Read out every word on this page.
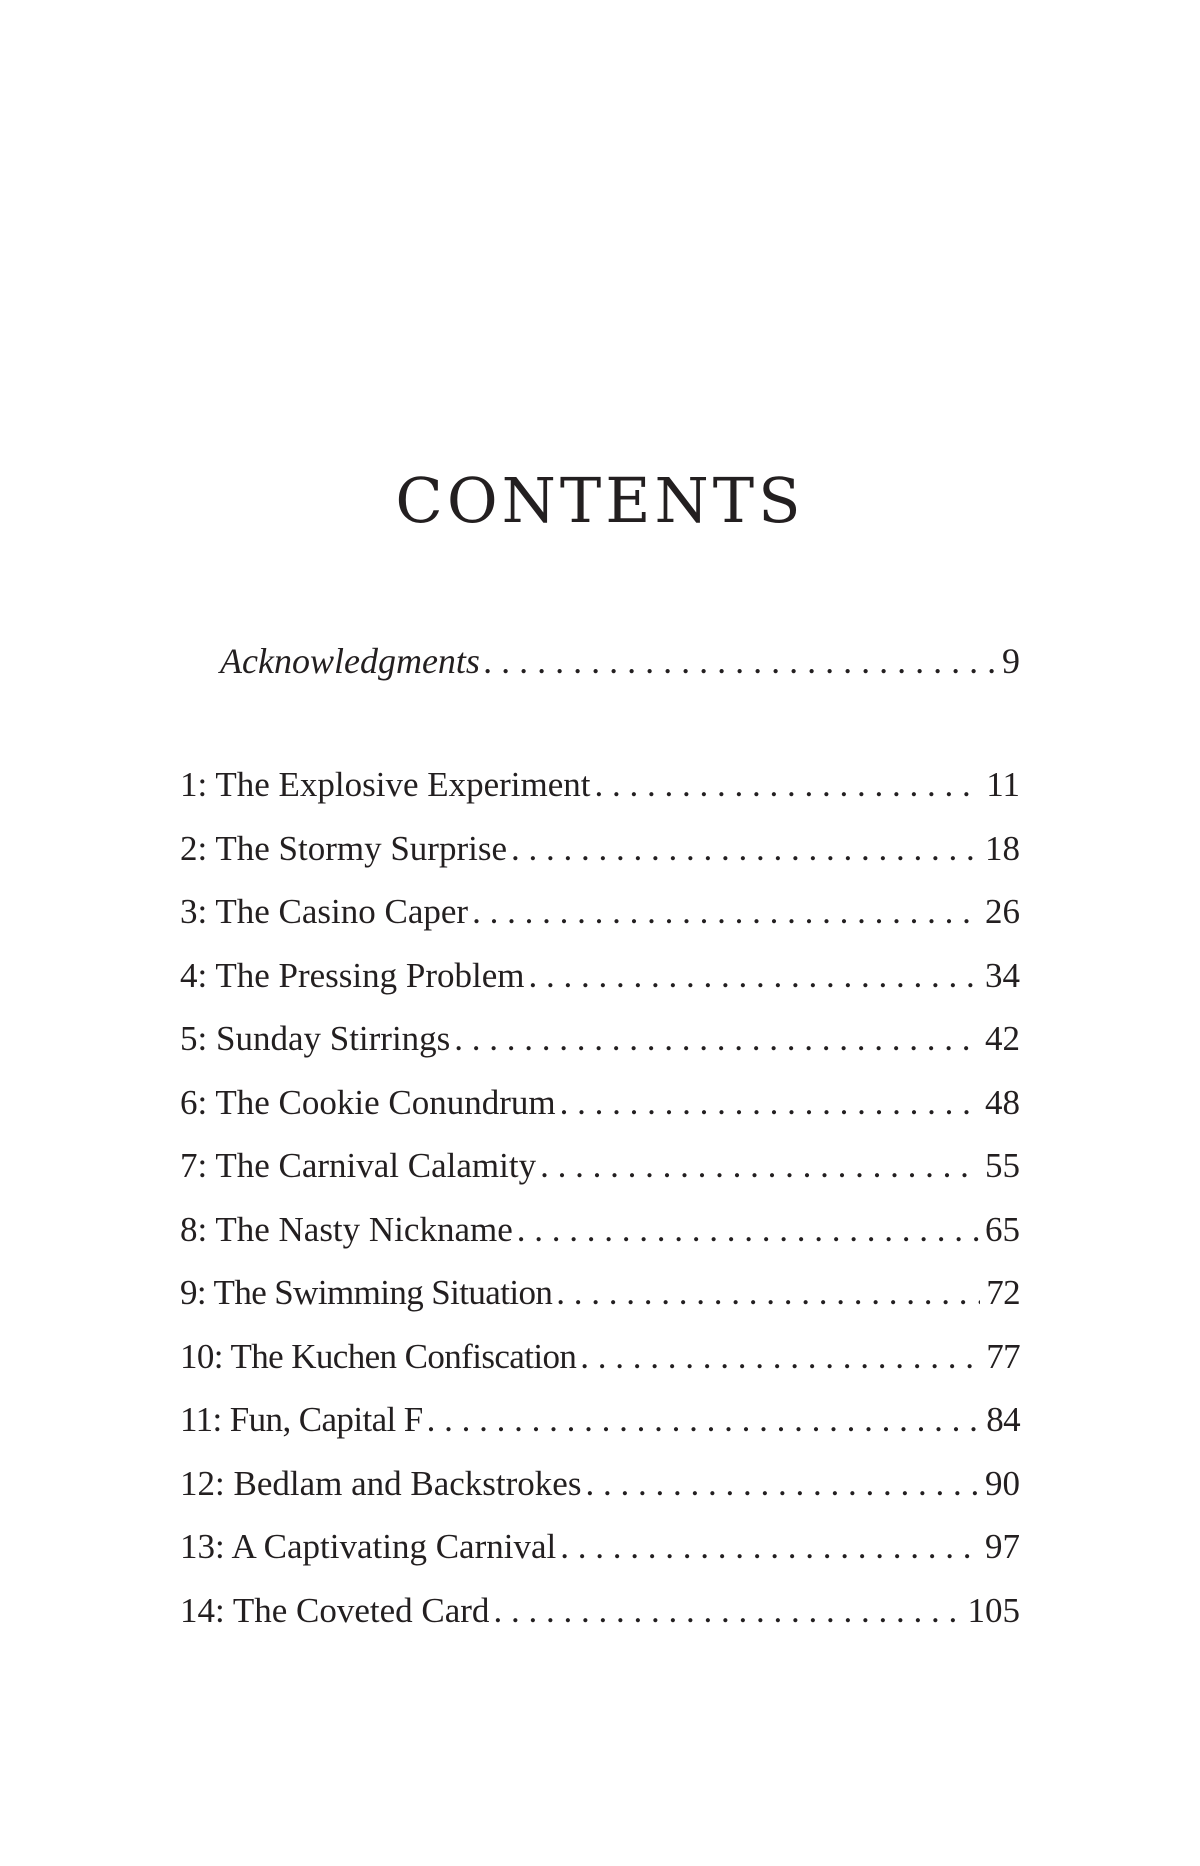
CONTENTS
Acknowledgments . . .	9
1: The Explosive Experiment . . .	11
2: The Stormy Surprise . . .	18
3: The Casino Caper . . .	26
4: The Pressing Problem . . .	34
5: Sunday Stirrings . . .	42
6: The Cookie Conundrum . . .	48
7: The Carnival Calamity . . .	55
8: The Nasty Nickname . . .	65
9: The Swimming Situation . . .	72
10: The Kuchen Confiscation . . .	77
11: Fun, Capital F . . .	84
12: Bedlam and Backstrokes . . .	90
13: A Captivating Carnival . . .	97
14: The Coveted Card . . .	105
